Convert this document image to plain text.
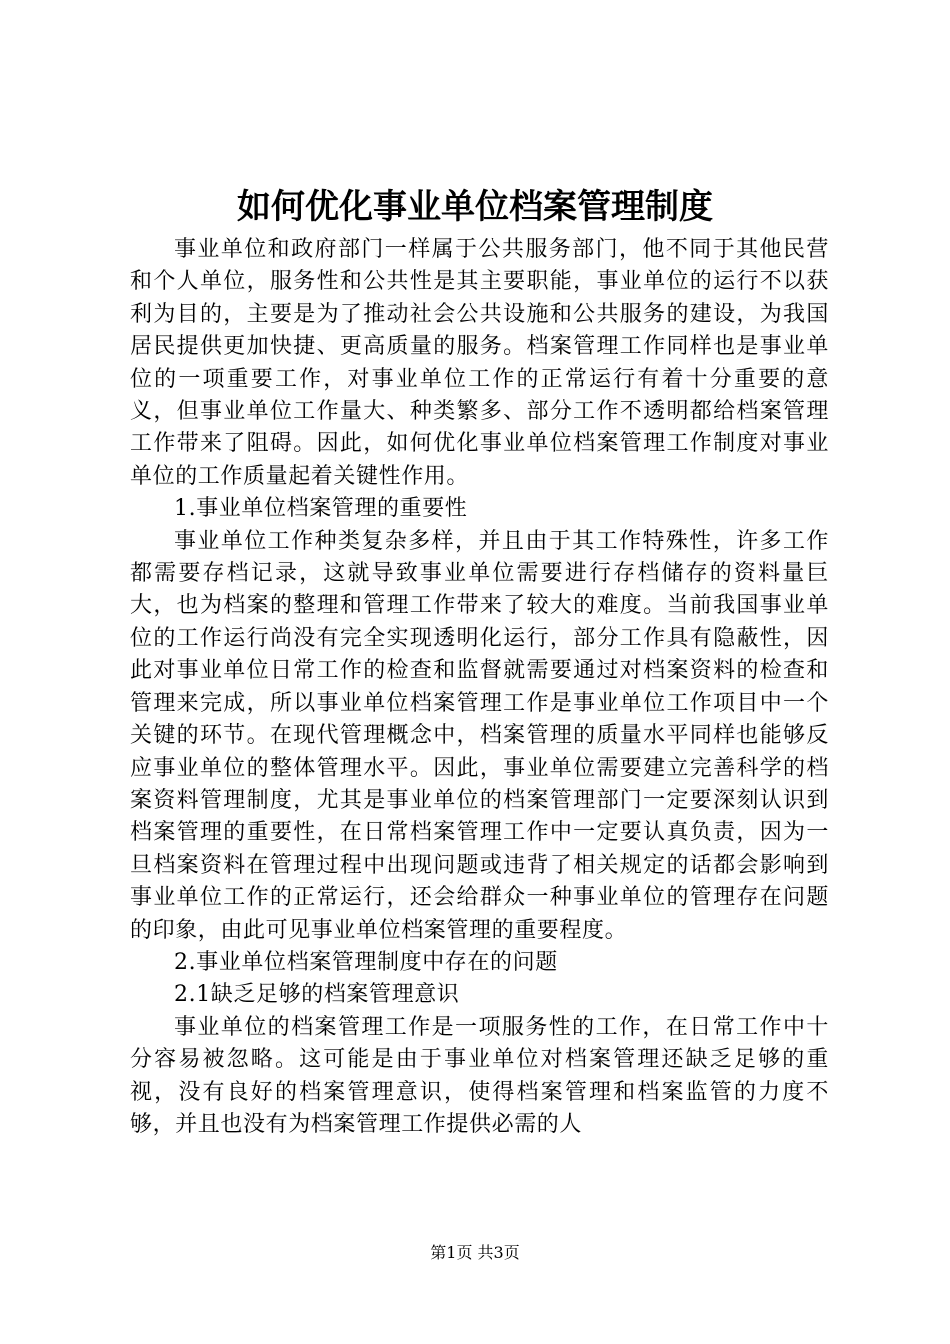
如何优化事业单位档案管理制度

事业单位和政府部门一样属于公共服务部门，他不同于其他民营和个人单位，服务性和公共性是其主要职能，事业单位的运行不以获利为目的，主要是为了推动社会公共设施和公共服务的建设，为我国居民提供更加快捷、更高质量的服务。档案管理工作同样也是事业单位的一项重要工作，对事业单位工作的正常运行有着十分重要的意义，但事业单位工作量大、种类繁多、部分工作不透明都给档案管理工作带来了阻碍。因此，如何优化事业单位档案管理工作制度对事业单位的工作质量起着关键性作用。

1.事业单位档案管理的重要性

事业单位工作种类复杂多样，并且由于其工作特殊性，许多工作都需要存档记录，这就导致事业单位需要进行存档储存的资料量巨大，也为档案的整理和管理工作带来了较大的难度。当前我国事业单位的工作运行尚没有完全实现透明化运行，部分工作具有隐蔽性，因此对事业单位日常工作的检查和监督就需要通过对档案资料的检查和管理来完成，所以事业单位档案管理工作是事业单位工作项目中一个关键的环节。在现代管理概念中，档案管理的质量水平同样也能够反应事业单位的整体管理水平。因此，事业单位需要建立完善科学的档案资料管理制度，尤其是事业单位的档案管理部门一定要深刻认识到档案管理的重要性，在日常档案管理工作中一定要认真负责，因为一旦档案资料在管理过程中出现问题或违背了相关规定的话都会影响到事业单位工作的正常运行，还会给群众一种事业单位的管理存在问题的印象，由此可见事业单位档案管理的重要程度。

2.事业单位档案管理制度中存在的问题

2.1缺乏足够的档案管理意识

事业单位的档案管理工作是一项服务性的工作，在日常工作中十分容易被忽略。这可能是由于事业单位对档案管理还缺乏足够的重视，没有良好的档案管理意识，使得档案管理和档案监管的力度不够，并且也没有为档案管理工作提供必需的人

第1页 共3页
